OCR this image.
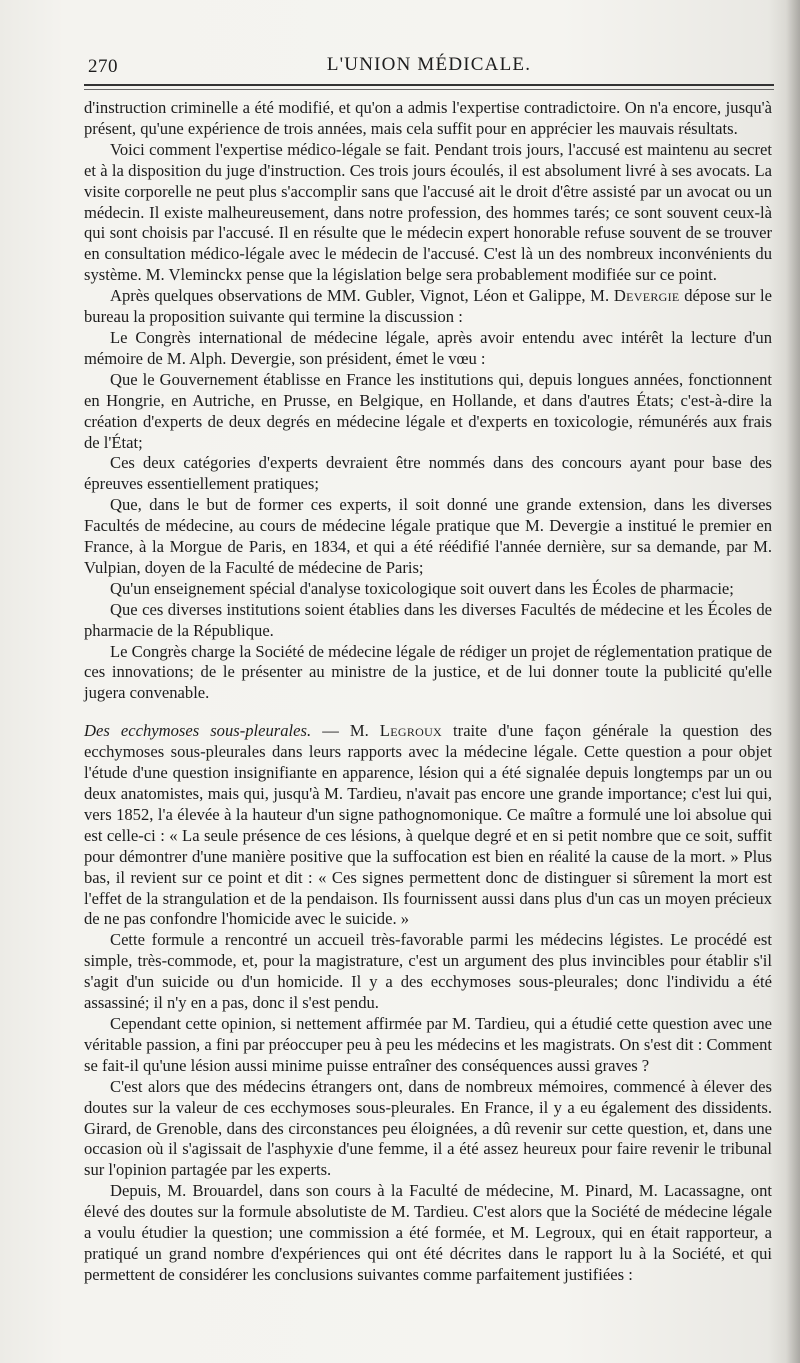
270	L'UNION MÉDICALE.

d'instruction criminelle a été modifié, et qu'on a admis l'expertise contradictoire. On n'a encore, jusqu'à présent, qu'une expérience de trois années, mais cela suffit pour en apprécier les mauvais résultats.

Voici comment l'expertise médico-légale se fait. Pendant trois jours, l'accusé est maintenu au secret et à la disposition du juge d'instruction. Ces trois jours écoulés, il est absolument livré à ses avocats. La visite corporelle ne peut plus s'accomplir sans que l'accusé ait le droit d'être assisté par un avocat ou un médecin. Il existe malheureusement, dans notre profession, des hommes tarés; ce sont souvent ceux-là qui sont choisis par l'accusé. Il en résulte que le médecin expert honorable refuse souvent de se trouver en consultation médico-légale avec le médecin de l'accusé. C'est là un des nombreux inconvénients du système. M. Vleminckx pense que la législation belge sera probablement modifiée sur ce point.

Après quelques observations de MM. Gubler, Vignot, Léon et Galippe, M. Devergie dépose sur le bureau la proposition suivante qui termine la discussion :

Le Congrès international de médecine légale, après avoir entendu avec intérêt la lecture d'un mémoire de M. Alph. Devergie, son président, émet le vœu :

Que le Gouvernement établisse en France les institutions qui, depuis longues années, fonctionnent en Hongrie, en Autriche, en Prusse, en Belgique, en Hollande, et dans d'autres États; c'est-à-dire la création d'experts de deux degrés en médecine légale et d'experts en toxicologie, rémunérés aux frais de l'État;

Ces deux catégories d'experts devraient être nommés dans des concours ayant pour base des épreuves essentiellement pratiques;

Que, dans le but de former ces experts, il soit donné une grande extension, dans les diverses Facultés de médecine, au cours de médecine légale pratique que M. Devergie a institué le premier en France, à la Morgue de Paris, en 1834, et qui a été réédifié l'année dernière, sur sa demande, par M. Vulpian, doyen de la Faculté de médecine de Paris;

Qu'un enseignement spécial d'analyse toxicologique soit ouvert dans les Écoles de pharmacie;

Que ces diverses institutions soient établies dans les diverses Facultés de médecine et les Écoles de pharmacie de la République.

Le Congrès charge la Société de médecine légale de rédiger un projet de réglementation pratique de ces innovations; de le présenter au ministre de la justice, et de lui donner toute la publicité qu'elle jugera convenable.

Des ecchymoses sous-pleurales. — M. Legroux traite d'une façon générale la question des ecchymoses sous-pleurales dans leurs rapports avec la médecine légale. Cette question a pour objet l'étude d'une question insignifiante en apparence, lésion qui a été signalée depuis longtemps par un ou deux anatomistes, mais qui, jusqu'à M. Tardieu, n'avait pas encore une grande importance; c'est lui qui, vers 1852, l'a élevée à la hauteur d'un signe pathognomonique. Ce maître a formulé une loi absolue qui est celle-ci : « La seule présence de ces lésions, à quelque degré et en si petit nombre que ce soit, suffit pour démontrer d'une manière positive que la suffocation est bien en réalité la cause de la mort. » Plus bas, il revient sur ce point et dit : « Ces signes permettent donc de distinguer si sûrement la mort est l'effet de la strangulation et de la pendaison. Ils fournissent aussi dans plus d'un cas un moyen précieux de ne pas confondre l'homicide avec le suicide. »

Cette formule a rencontré un accueil très-favorable parmi les médecins légistes. Le procédé est simple, très-commode, et, pour la magistrature, c'est un argument des plus invincibles pour établir s'il s'agit d'un suicide ou d'un homicide. Il y a des ecchymoses sous-pleurales; donc l'individu a été assassiné; il n'y en a pas, donc il s'est pendu.

Cependant cette opinion, si nettement affirmée par M. Tardieu, qui a étudié cette question avec une véritable passion, a fini par préoccuper peu à peu les médecins et les magistrats. On s'est dit : Comment se fait-il qu'une lésion aussi minime puisse entraîner des conséquences aussi graves ?

C'est alors que des médecins étrangers ont, dans de nombreux mémoires, commencé à élever des doutes sur la valeur de ces ecchymoses sous-pleurales. En France, il y a eu également des dissidents. Girard, de Grenoble, dans des circonstances peu éloignées, a dû revenir sur cette question, et, dans une occasion où il s'agissait de l'asphyxie d'une femme, il a été assez heureux pour faire revenir le tribunal sur l'opinion partagée par les experts.

Depuis, M. Brouardel, dans son cours à la Faculté de médecine, M. Pinard, M. Lacassagne, ont élevé des doutes sur la formule absolutiste de M. Tardieu. C'est alors que la Société de médecine légale a voulu étudier la question; une commission a été formée, et M. Legroux, qui en était rapporteur, a pratiqué un grand nombre d'expériences qui ont été décrites dans le rapport lu à la Société, et qui permettent de considérer les conclusions suivantes comme parfaitement justifiées :
